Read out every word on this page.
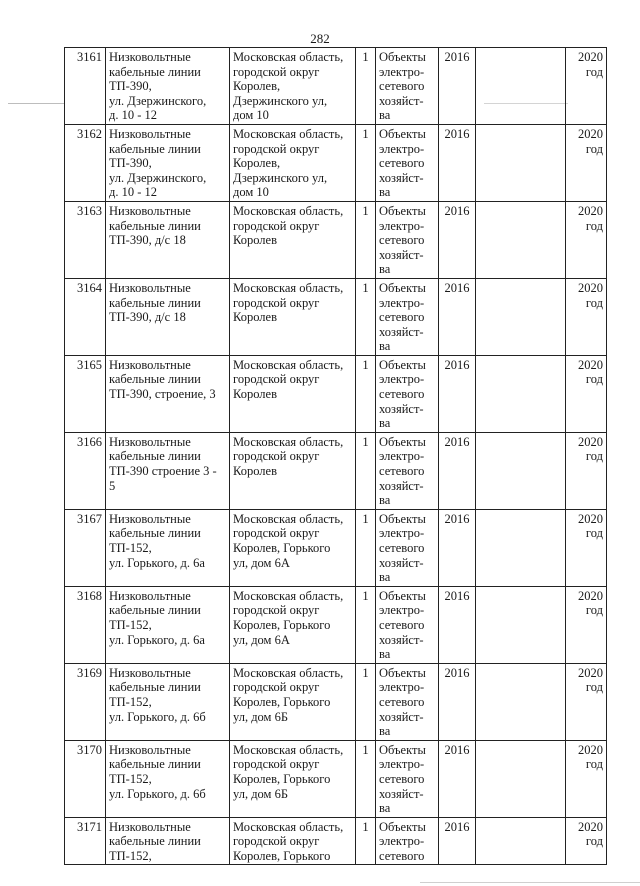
282
3161	Низковольтные
кабельные линии
ТП-390,
ул. Дзержинского,
д. 10 - 12	Московская область,
городской округ
Королев,
Дзержинского ул,
дом 10	1	Объекты
электро-
сетевого
хозяйст-
ва	2016		2020
год

3162	Низковольтные
кабельные линии
ТП-390,
ул. Дзержинского,
д. 10 - 12	Московская область,
городской округ
Королев,
Дзержинского ул,
дом 10	1	Объекты
электро-
сетевого
хозяйст-
ва	2016		2020
год

3163	Низковольтные
кабельные линии
ТП-390, д/с 18	Московская область,
городской округ
Королев	1	Объекты
электро-
сетевого
хозяйст-
ва	2016		2020
год

3164	Низковольтные
кабельные линии
ТП-390, д/с 18	Московская область,
городской округ
Королев	1	Объекты
электро-
сетевого
хозяйст-
ва	2016		2020
год

3165	Низковольтные
кабельные линии
ТП-390, строение, 3	Московская область,
городской округ
Королев	1	Объекты
электро-
сетевого
хозяйст-
ва	2016		2020
год

3166	Низковольтные
кабельные линии
ТП-390 строение 3 -
5	Московская область,
городской округ
Королев	1	Объекты
электро-
сетевого
хозяйст-
ва	2016		2020
год

3167	Низковольтные
кабельные линии
ТП-152,
ул. Горького, д. 6а	Московская область,
городской округ
Королев, Горького
ул, дом 6А	1	Объекты
электро-
сетевого
хозяйст-
ва	2016		2020
год

3168	Низковольтные
кабельные линии
ТП-152,
ул. Горького, д. 6а	Московская область,
городской округ
Королев, Горького
ул, дом 6А	1	Объекты
электро-
сетевого
хозяйст-
ва	2016		2020
год

3169	Низковольтные
кабельные линии
ТП-152,
ул. Горького, д. 6б	Московская область,
городской округ
Королев, Горького
ул, дом 6Б	1	Объекты
электро-
сетевого
хозяйст-
ва	2016		2020
год

3170	Низковольтные
кабельные линии
ТП-152,
ул. Горького, д. 6б	Московская область,
городской округ
Королев, Горького
ул, дом 6Б	1	Объекты
электро-
сетевого
хозяйст-
ва	2016		2020
год

3171	Низковольтные
кабельные линии
ТП-152,	Московская область,
городской округ
Королев, Горького	1	Объекты
электро-
сетевого	2016		2020
год
